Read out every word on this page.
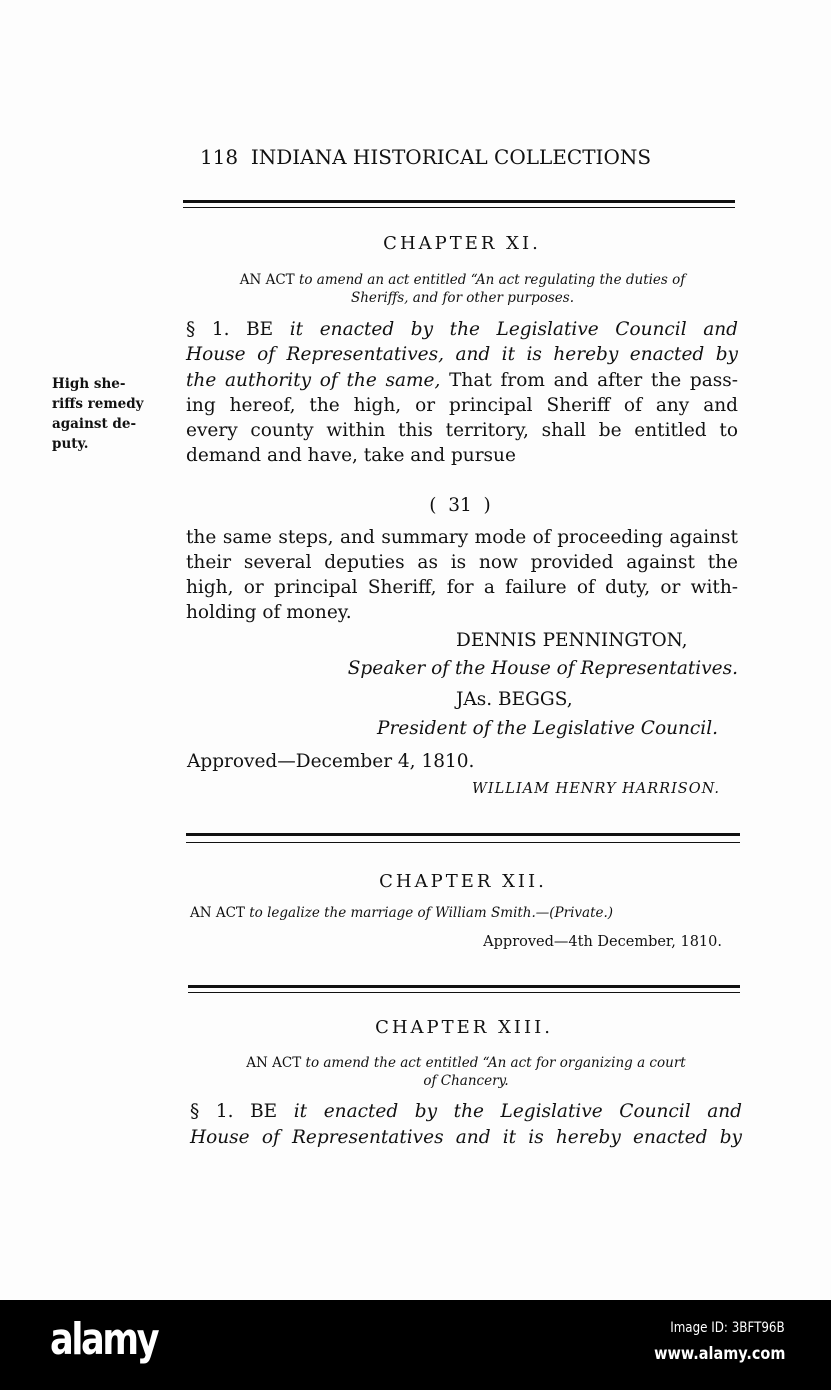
118 INDIANA HISTORICAL COLLECTIONS
CHAPTER XI.
AN ACT to amend an act entitled “An act regulating the duties of
Sheriffs, and for other purposes.
§ 1. BE it enacted by the Legislative Council and
House of Representatives, and it is hereby enacted by
the authority of the same, That from and after the pass-
ing hereof, the high, or principal Sheriff of any and
every county within this territory, shall be entitled to
demand and have, take and pursue
High she-
riffs remedy
against de-
puty.
(  31  )
the same steps, and summary mode of proceeding against
their several deputies as is now provided against the
high, or principal Sheriff, for a failure of duty, or with-
holding of money.
DENNIS PENNINGTON,
Speaker of the House of Representatives.
JAs. BEGGS,
President of the Legislative Council.
Approved—December 4, 1810.
WILLIAM HENRY HARRISON.
CHAPTER XII.
AN ACT to legalize the marriage of William Smith.—(Private.)
Approved—4th December, 1810.
CHAPTER XIII.
AN ACT to amend the act entitled “An act for organizing a court
of Chancery.
§ 1. BE it enacted by the Legislative Council and
House of Representatives and it is hereby enacted by
alamy	Image ID: 3BFT96B
www.alamy.com
